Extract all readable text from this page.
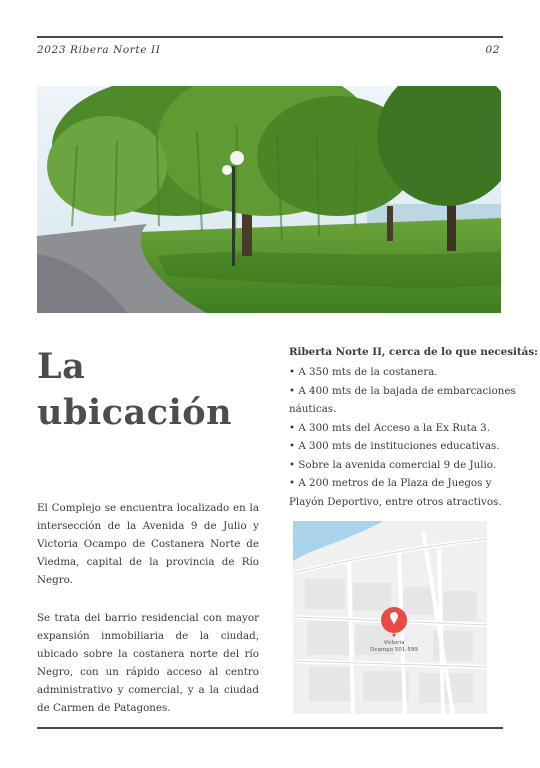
2023 Ribera Norte II	02
La
ubicación
El Complejo se encuentra localizado en la intersección de la Avenida 9 de Julio y Victoria Ocampo de Costanera Norte de Viedma, capital de la provincia de Río Negro.
Se trata del barrio residencial con mayor expansión inmobiliaria de la ciudad, ubicado sobre la costanera norte del río Negro, con un rápido acceso al centro administrativo y comercial, y a la ciudad de Carmen de Patagones.
Riberta Norte II, cerca de lo que necesitás:
• A 350 mts de la costanera.
• A 400 mts de la bajada de embarcaciones náuticas.
• A 300 mts del Acceso a la Ex Ruta 3.
• A 300 mts de instituciones educativas.
• Sobre la avenida comercial 9 de Julio.
• A 200 metros de la Plaza de Juegos y Playón Deportivo, entre otros atractivos.
Victoria
Ocampo 501-599
